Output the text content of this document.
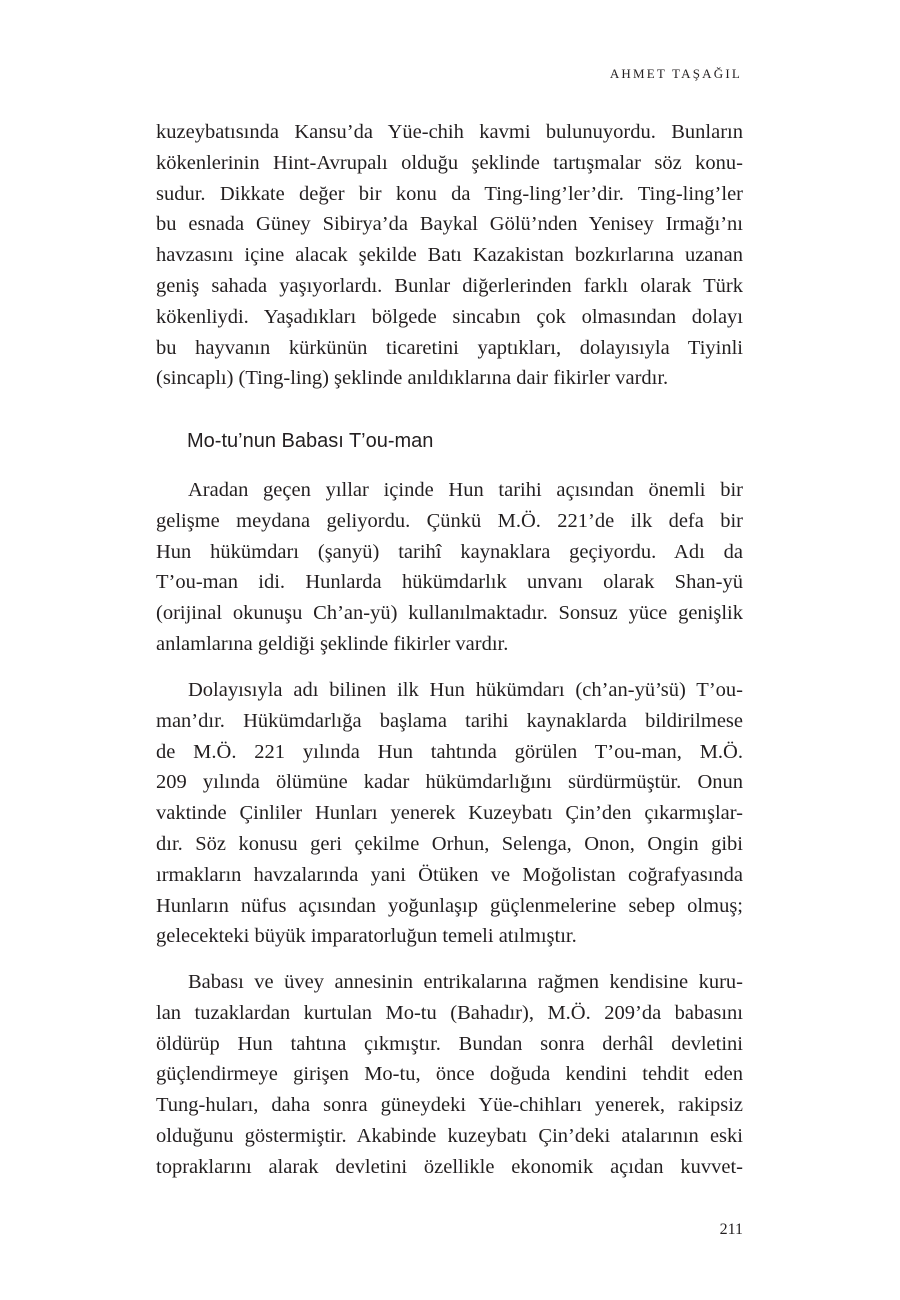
AHMET TAŞAĞIL
kuzeybatısında Kansu’da Yüe-chih kavmi bulunuyordu. Bunların
kökenlerinin Hint-Avrupalı olduğu şeklinde tartışmalar söz konu-
sudur. Dikkate değer bir konu da Ting-ling’ler’dir. Ting-ling’ler
bu esnada Güney Sibirya’da Baykal Gölü’nden Yenisey Irmağı’nı
havzasını içine alacak şekilde Batı Kazakistan bozkırlarına uzanan
geniş sahada yaşıyorlardı. Bunlar diğerlerinden farklı olarak Türk
kökenliydi. Yaşadıkları bölgede sincabın çok olmasından dolayı
bu hayvanın kürkünün ticaretini yaptıkları, dolayısıyla Tiyinli
(sincaplı) (Ting-ling) şeklinde anıldıklarına dair fikirler vardır.
Mo-tu’nun Babası T’ou-man
Aradan geçen yıllar içinde Hun tarihi açısından önemli bir
gelişme meydana geliyordu. Çünkü M.Ö. 221’de ilk defa bir
Hun hükümdarı (şanyü) tarihî kaynaklara geçiyordu. Adı da
T’ou-man idi. Hunlarda hükümdarlık unvanı olarak Shan-yü
(orijinal okunuşu Ch’an-yü) kullanılmaktadır. Sonsuz yüce genişlik
anlamlarına geldiği şeklinde fikirler vardır.
Dolayısıyla adı bilinen ilk Hun hükümdarı (ch’an-yü’sü) T’ou-
man’dır. Hükümdarlığa başlama tarihi kaynaklarda bildirilmese
de M.Ö. 221 yılında Hun tahtında görülen T’ou-man, M.Ö.
209 yılında ölümüne kadar hükümdarlığını sürdürmüştür. Onun
vaktinde Çinliler Hunları yenerek Kuzeybatı Çin’den çıkarmışlar-
dır. Söz konusu geri çekilme Orhun, Selenga, Onon, Ongin gibi
ırmakların havzalarında yani Ötüken ve Moğolistan coğrafyasında
Hunların nüfus açısından yoğunlaşıp güçlenmelerine sebep olmuş;
gelecekteki büyük imparatorluğun temeli atılmıştır.
Babası ve üvey annesinin entrikalarına rağmen kendisine kuru-
lan tuzaklardan kurtulan Mo-tu (Bahadır), M.Ö. 209’da babasını
öldürüp Hun tahtına çıkmıştır. Bundan sonra derhâl devletini
güçlendirmeye girişen Mo-tu, önce doğuda kendini tehdit eden
Tung-huları, daha sonra güneydeki Yüe-chihları yenerek, rakipsiz
olduğunu göstermiştir. Akabinde kuzeybatı Çin’deki atalarının eski
topraklarını alarak devletini özellikle ekonomik açıdan kuvvet-
211
